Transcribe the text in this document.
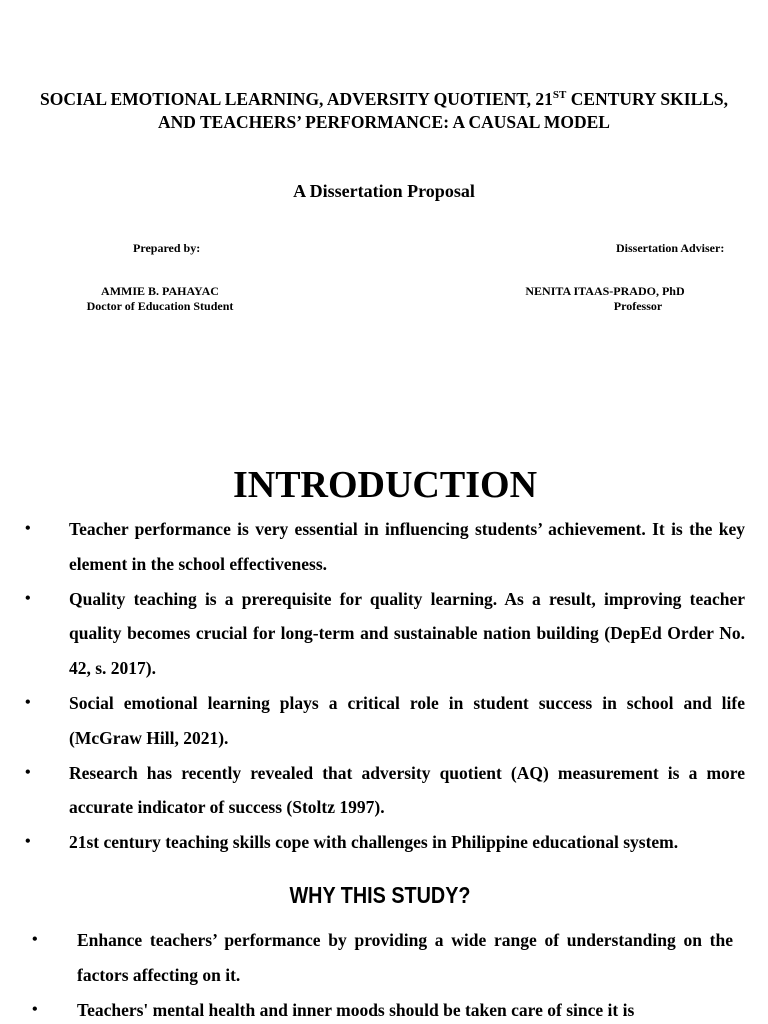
SOCIAL EMOTIONAL LEARNING, ADVERSITY QUOTIENT, 21ST CENTURY SKILLS, AND TEACHERS’ PERFORMANCE: A CAUSAL MODEL
A Dissertation Proposal
Prepared by:	Dissertation Adviser:
AMMIE B. PAHAYAC
Doctor of Education Student
NENITA ITAAS-PRADO, PhD
Professor
INTRODUCTION
• Teacher performance is very essential in influencing students’ achievement. It is the key element in the school effectiveness.
• Quality teaching is a prerequisite for quality learning. As a result, improving teacher quality becomes crucial for long-term and sustainable nation building (DepEd Order No. 42, s. 2017).
• Social emotional learning plays a critical role in student success in school and life (McGraw Hill, 2021).
• Research has recently revealed that adversity quotient (AQ) measurement is a more accurate indicator of success (Stoltz 1997).
• 21st century teaching skills cope with challenges in Philippine educational system.
WHY THIS STUDY?
• Enhance teachers’ performance by providing a wide range of understanding on the factors affecting on it.
• Teachers' mental health and inner moods should be taken care of since it is
